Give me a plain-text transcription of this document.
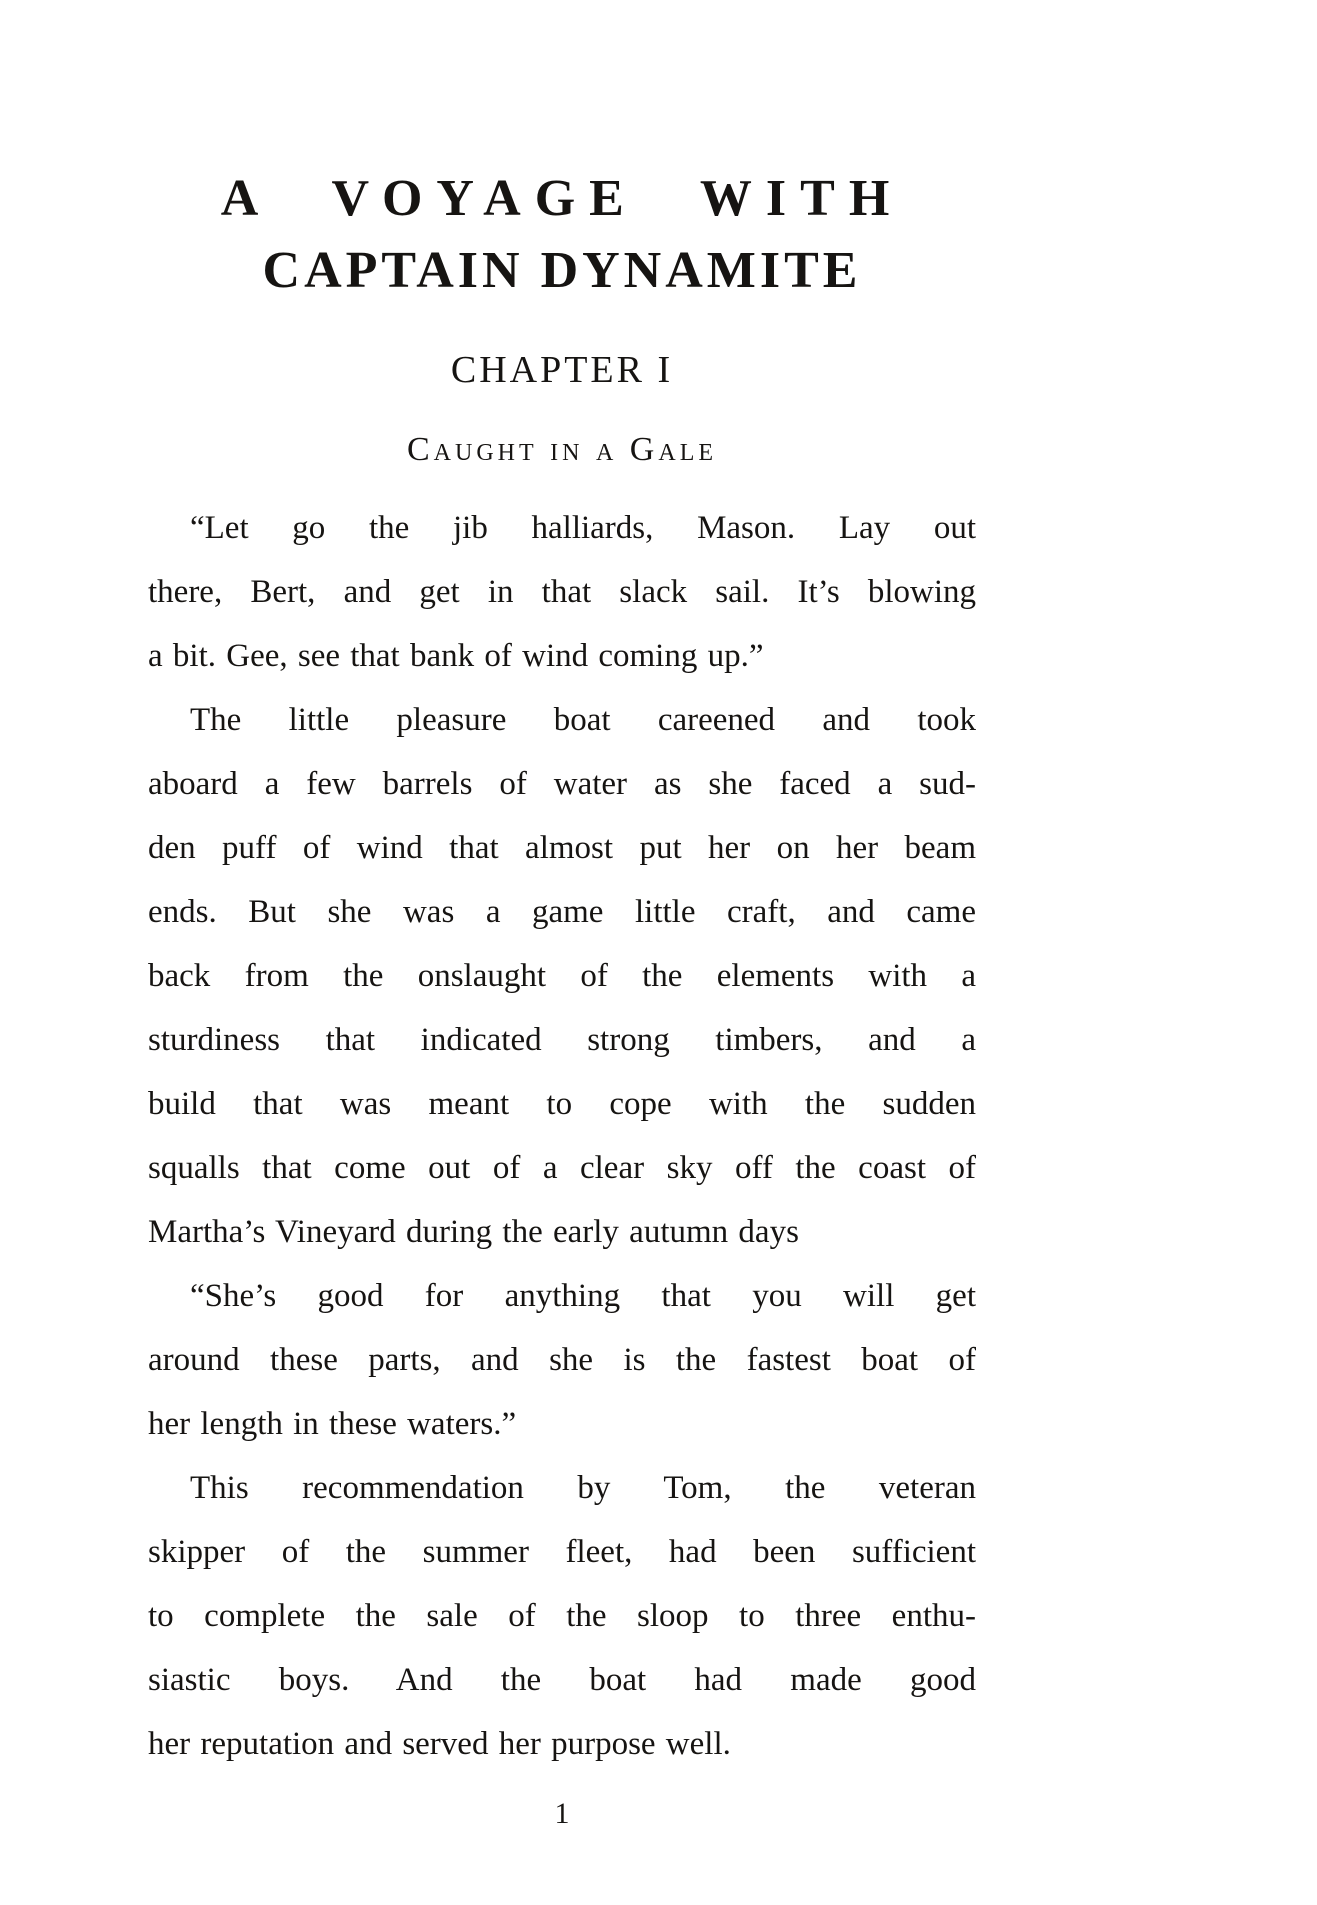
A VOYAGE WITH
CAPTAIN DYNAMITE
CHAPTER I
Caught in a Gale
“Let go the jib halliards, Mason. Lay out
there, Bert, and get in that slack sail. It’s blowing
a bit. Gee, see that bank of wind coming up.”
The little pleasure boat careened and took
aboard a few barrels of water as she faced a sud-
den puff of wind that almost put her on her beam
ends. But she was a game little craft, and came
back from the onslaught of the elements with a
sturdiness that indicated strong timbers, and a
build that was meant to cope with the sudden
squalls that come out of a clear sky off the coast of
Martha’s Vineyard during the early autumn days
“She’s good for anything that you will get
around these parts, and she is the fastest boat of
her length in these waters.”
This recommendation by Tom, the veteran
skipper of the summer fleet, had been sufficient
to complete the sale of the sloop to three enthu-
siastic boys. And the boat had made good
her reputation and served her purpose well.
1
